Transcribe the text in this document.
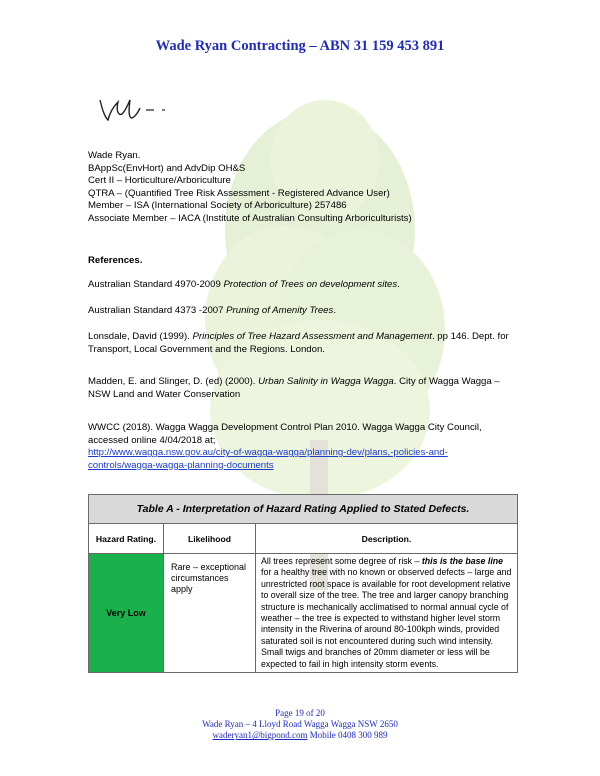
Wade Ryan Contracting – ABN 31 159 453 891

Wade Ryan.

BAppSc(EnvHort) and AdvDip OH&S

Cert II – Horticulture/Arboriculture

QTRA – (Quantified Tree Risk Assessment - Registered Advance User)

Member – ISA (International Society of Arboriculture) 257486

Associate Member – IACA (Institute of Australian Consulting Arboriculturists)

References.
Australian Standard 4970-2009 Protection of Trees on development sites.
Australian Standard 4373 -2007 Pruning of Amenity Trees.
Lonsdale, David (1999). Principles of Tree Hazard Assessment and Management. pp 146. Dept. for Transport, Local Government and the Regions. London.
Madden, E. and Slinger, D. (ed) (2000). Urban Salinity in Wagga Wagga. City of Wagga Wagga – NSW Land and Water Conservation
WWCC (2018). Wagga Wagga Development Control Plan 2010. Wagga Wagga City Council, accessed online 4/04/2018 at;
http://www.wagga.nsw.gov.au/city-of-wagga-wagga/planning-dev/plans,-policies-and-
controls/wagga-wagga-planning-documents
Table A - Interpretation of Hazard Rating Applied to Stated Defects.		
Hazard Rating.	Likelihood	Description.
Very Low	Rare – exceptional circumstances apply	All trees represent some degree of risk – this is the base line for a healthy tree with no known or observed defects – large and unrestricted root space is available for root development relative to overall size of the tree. The tree and larger canopy branching structure is mechanically acclimatised to normal annual cycle of weather – the tree is expected to withstand higher level storm intensity in the Riverina of around 80-100kph winds, provided saturated soil is not encountered during such wind intensity.
Small twigs and branches of 20mm diameter or less will be expected to fail in high intensity storm events.
Page 19 of 20
Wade Ryan – 4 Lloyd Road Wagga Wagga NSW 2650
waderyan1@bigpond.com Mobile 0408 300 989
